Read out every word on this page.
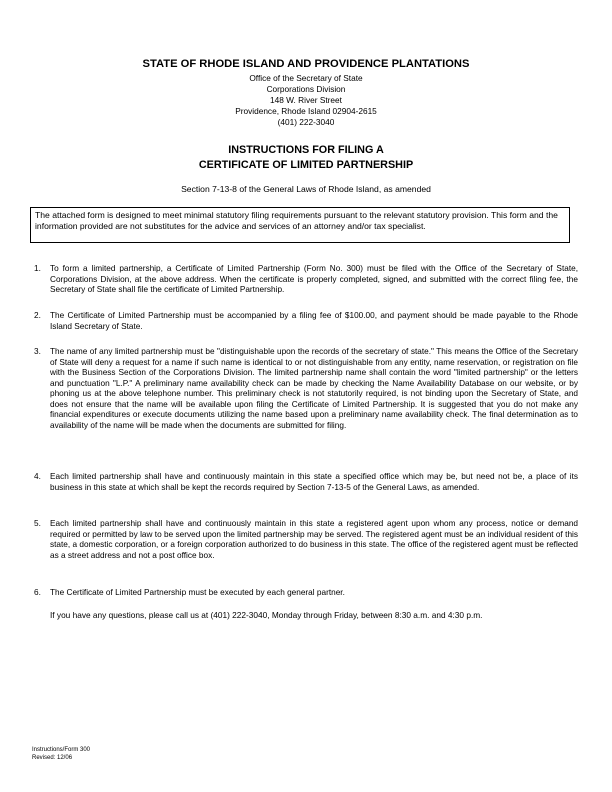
STATE OF RHODE ISLAND AND PROVIDENCE PLANTATIONS
Office of the Secretary of State
Corporations Division
148 W. River Street
Providence, Rhode Island 02904-2615
(401) 222-3040
INSTRUCTIONS FOR FILING A
CERTIFICATE OF LIMITED PARTNERSHIP
Section 7-13-8 of the General Laws of Rhode Island, as amended
The attached form is designed to meet minimal statutory filing requirements pursuant to the relevant statutory provision. This form and the information provided are not substitutes for the advice and services of an attorney and/or tax specialist.
1.	To form a limited partnership, a Certificate of Limited Partnership (Form No. 300) must be filed with the Office of the Secretary of State, Corporations Division, at the above address. When the certificate is properly completed, signed, and submitted with the correct filing fee, the Secretary of State shall file the certificate of Limited Partnership.
2.	The Certificate of Limited Partnership must be accompanied by a filing fee of $100.00, and payment should be made payable to the Rhode Island Secretary of State.
3.	The name of any limited partnership must be "distinguishable upon the records of the secretary of state." This means the Office of the Secretary of State will deny a request for a name if such name is identical to or not distinguishable from any entity, name reservation, or registration on file with the Business Section of the Corporations Division. The limited partnership name shall contain the word "limited partnership" or the letters and punctuation "L.P." A preliminary name availability check can be made by checking the Name Availability Database on our website, or by phoning us at the above telephone number. This preliminary check is not statutorily required, is not binding upon the Secretary of State, and does not ensure that the name will be available upon filing the Certificate of Limited Partnership. It is suggested that you do not make any financial expenditures or execute documents utilizing the name based upon a preliminary name availability check. The final determination as to availability of the name will be made when the documents are submitted for filing.
4.	Each limited partnership shall have and continuously maintain in this state a specified office which may be, but need not be, a place of its business in this state at which shall be kept the records required by Section 7-13-5 of the General Laws, as amended.
5.	Each limited partnership shall have and continuously maintain in this state a registered agent upon whom any process, notice or demand required or permitted by law to be served upon the limited partnership may be served. The registered agent must be an individual resident of this state, a domestic corporation, or a foreign corporation authorized to do business in this state. The office of the registered agent must be reflected as a street address and not a post office box.
6.	The Certificate of Limited Partnership must be executed by each general partner.
If you have any questions, please call us at (401) 222-3040, Monday through Friday, between 8:30 a.m. and 4:30 p.m.
Instructions/Form 300
Revised: 12/06
